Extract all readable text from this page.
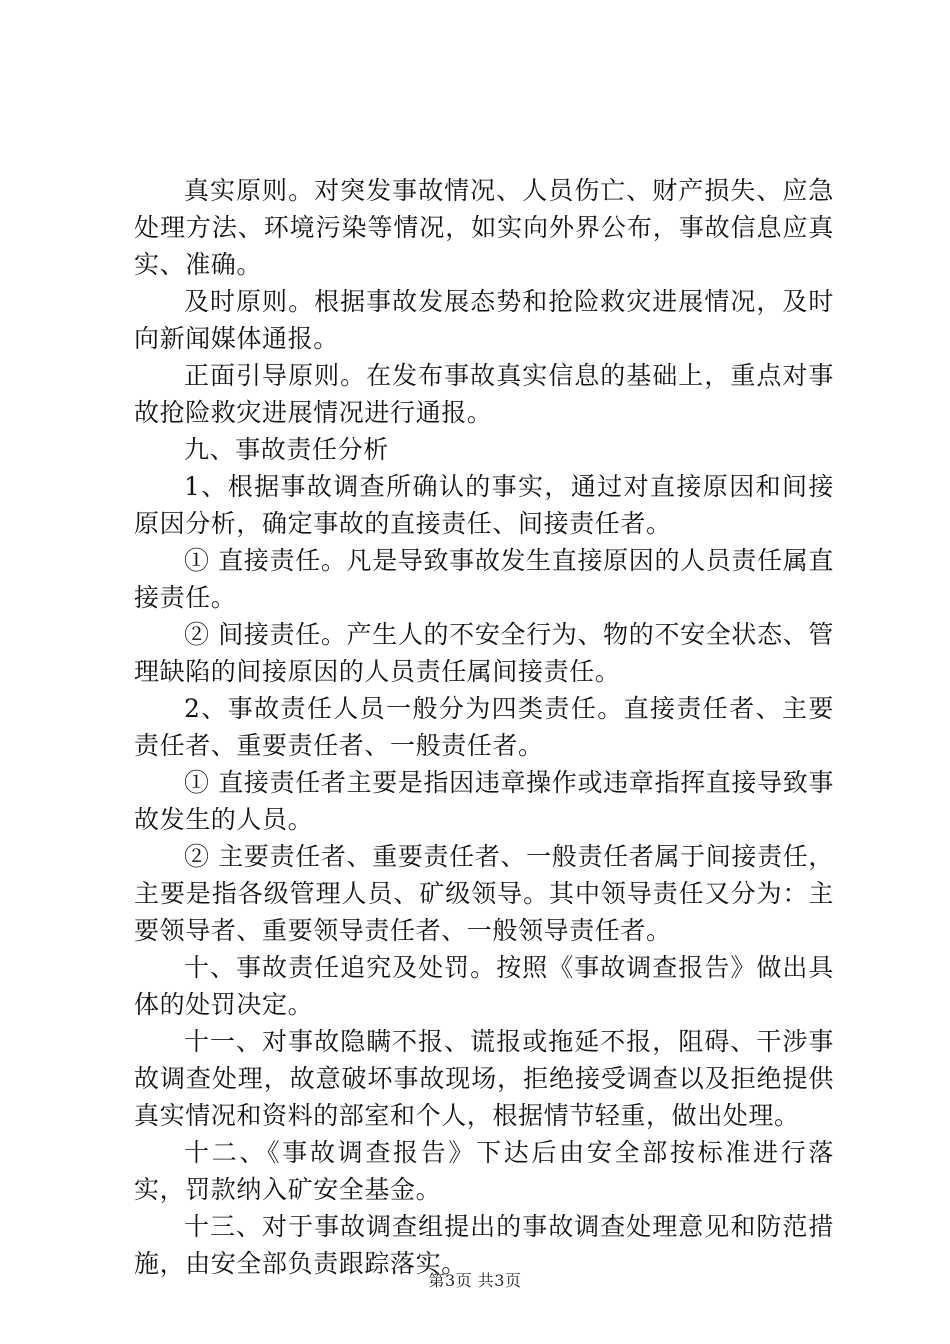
真实原则。对突发事故情况、人员伤亡、财产损失、应急处理方法、环境污染等情况，如实向外界公布，事故信息应真实、准确。

及时原则。根据事故发展态势和抢险救灾进展情况，及时向新闻媒体通报。

正面引导原则。在发布事故真实信息的基础上，重点对事故抢险救灾进展情况进行通报。

九、事故责任分析

1、根据事故调查所确认的事实，通过对直接原因和间接原因分析，确定事故的直接责任、间接责任者。

① 直接责任。凡是导致事故发生直接原因的人员责任属直接责任。

② 间接责任。产生人的不安全行为、物的不安全状态、管理缺陷的间接原因的人员责任属间接责任。

2、事故责任人员一般分为四类责任。直接责任者、主要责任者、重要责任者、一般责任者。

① 直接责任者主要是指因违章操作或违章指挥直接导致事故发生的人员。

② 主要责任者、重要责任者、一般责任者属于间接责任，主要是指各级管理人员、矿级领导。其中领导责任又分为：主要领导者、重要领导责任者、一般领导责任者。

十、事故责任追究及处罚。按照《事故调查报告》做出具体的处罚决定。

十一、对事故隐瞒不报、谎报或拖延不报，阻碍、干涉事故调查处理，故意破坏事故现场，拒绝接受调查以及拒绝提供真实情况和资料的部室和个人，根据情节轻重，做出处理。

十二、《事故调查报告》下达后由安全部按标准进行落实，罚款纳入矿安全基金。

十三、对于事故调查组提出的事故调查处理意见和防范措施，由安全部负责跟踪落实。

第3页 共3页
